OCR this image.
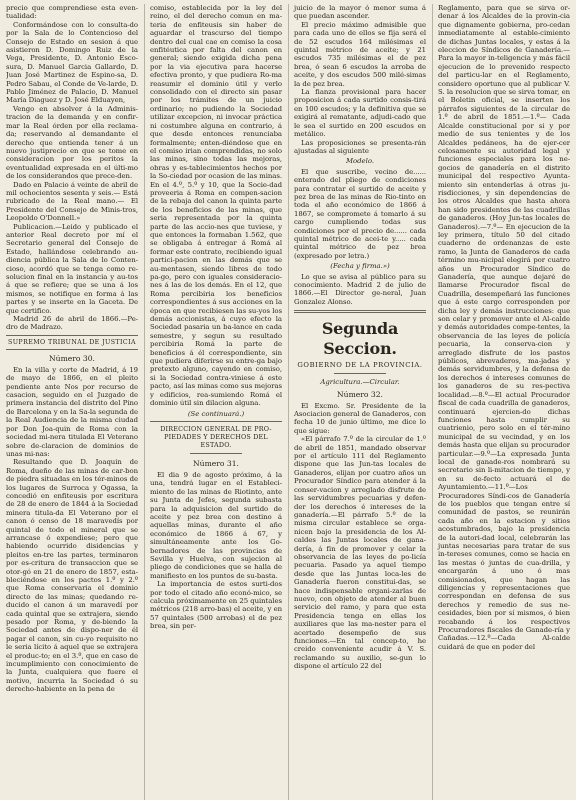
precio que comprendiese esta even-tualidad:

Conformándose con lo consulta-do por la Sala de lo Contencioso del Consejo de Estado en sesion á que asistieron D. Domingo Ruiz de la Vega, Presidente, D. Antonio Esco-sura, D. Manuel Garcia Gallardo, D. Juan José Martinez de Espino-sa, D. Pedro Sabau, el Conde de Ve-larde, D. Pablo Jiménez de Palacio, D. Manuel María Diaguez y D. José Elduayen,

Vengo en absolver á la Adminis-tracion de la demanda y en confir-mar la Real órden por ella reclama-da; reservando al demandante el derecho que entienda tener á un nuevo justiprecio en que se tome en consideracion por los peritos la eventualidad expresada en el últi-mo de los considerandos que prece-den.

Dado en Palacio á veinte de abril de mil ochocientos sesenta y seis.— Está rubricado de la Real mano.— El Presidente del Consejo de Minis-tros, Leopoldo O'Donnell.»

Publicacion.—Leido y publicado el anterior Real decreto por mí el Secretario general del Consejo de Estado, hallándose celebrando au-diencia pública la Sala de lo Conten-cioso, acordó que se tenga como re-solucion final en la instancia y au-tos á que se refiere; que se una á los mismos, se notifique en forma á las partes y se inserte en la Gaceta. De que certifico.

Madrid 26 de abril de 1866.—Pe-dro de Madrazo.

SUPREMO TRIBUNAL DE JUSTICIA
Número 30.

En la villa y corte de Madrid, á 19 de mayo de 1866, en el pleito pendiente ante Nos por recurso de casacion, seguido en el Juzgado de primera instancia del distrito del Pino de Barcelona y en la Sa-la segunda de la Real Audiencia de la misma ciudad por Don Joa-quin de Roma con la sociedad mi-nera titulada El Veterano sobre de-claracion de dominios de unas mi-nas:

Resultando que D. Joaquin de Roma, dueño de las minas de car-bon de piedra situadas en los tér-minos de los lugares de Surroca y Ogassa, la concedió en enfiteusis por escritura de 28 de enero de 1844 á la Sociedad minera titula-da El Veterano por el canon ó censo de 18 maravedís por quintal de todo el mineral que se arrancase ó expendiese; pero que habiendo ocurrido disidencias y pleitos en-tre las partes, terminaron por es-critura de transaccion que se otor-gó en 21 de enero de 1857, esta-bleciéndose en los pactos 1.º y 2.º que Roma conservaria el dominio directo de las minas; quedando re-ducido el canon á un maravedí por cada quintal que se extrajera, siendo pesado por Roma, y de-biendo la Sociedad antes de dispo-ner de él pagar el canon, sin cu-yo requisito no le seria lícito á aquel que se extrajera el produc-to; en el 3.º, que en caso de incumplimiento con conocimiento de la Junta, cualquiera que fuere el motivo, incurria la Sociedad ó su derecho-habiente en la pena de

comiso, establecida por la ley del reino, el del derecho comun en ma-teria de enfiteusis sin haber de aguardar el trascurso del tiempo dentro del cual cae en comiso la cosa enfitéutica por falta del canon en general; siendo exigida dicha pena por la via ejecutiva para hacerse efectiva pronto, y que pudiera Ro-ma reasumir el dominio útil y verlo consolidado con el directo sin pasar por los trámites de un juicio ordinario; no pudiendo la Sociedad utilizar excepcion, ni invocar práctica ni costumbre alguna en contrario, á que desde entonces renunciaba formalmente; enten-diéndose que en el comiso irian comprendidas, no solo las minas, sino todas las mejoras, obras y es-tablecimientos hechos por la So-ciedad por ocasion de las minas. En el 4.º, 5.º y 10, que la Socie-dad proveeria á Roma en compen-sacion de la rebaja del canon la quinta parte de los beneficios de las minas, que seria representada por la quinta parte de las accio-nes que tuviese, y que entonces la formaban 1.562, que se obligaba á entregar á Romá al formar este contrato, recibiendo igual partici-pacion en las demás que se au-mentasen, siendo libres de todo pa-go, pero con iguales consideracio-nes á las de los demás. En el 12, que Roma percibiria los beneficios correspondientes á sus acciones en la época en que recibiesen las su-yos los demás accionistas, á cuyo efecto la Sociedad pasaria un ba-lance en cada semestre, y segun su resultado percibiria Romá la parte de beneficios á él correspondiente, sin que pudiera diferirse su entre-ga bajo pretexto alguno, cayendo en comiso, si la Sociedad contra-viniese á este pacto, así las minas como sus mejoras y edificios, rea-sumiendo Romá el dominio útil sin dilacion alguna.

(Se continuará.)
DIRECCION GENERAL DE PRO-PIEDADES Y DERECHOS DEL ESTADO.
Número 31.

El dia 9 de agosto próximo, á la una, tendrá lugar en el Estableci-miento de las minas de Riotinto, ante su Junta de Jefes, segunda subasta para la adquisicion del surtido de aceite y pez brea con destino á aquellas minas, durante el año económico de 1866 á 67, y simultáneamente ante los Go-bernadores de las provincias de Sevilla y Huelva, con sujecion al pliego de condiciones que se halla de manifiesto en los puntos de su-basta.

La importancia de estos surti-dos por todo el citado año econó-mico, se calcula próximamente en 25 quintales métricos (218 arro-bas) el aceite, y en 57 quintales (500 arrobas) el de pez brea, sin per-

juicio de la mayor ó menor suma á que puedan ascender.

El precio máximo admisible que para cada uno de ellos se fija será el de 52 escudos 164 milésimas el quintal métrico de aceite; y 21 escudos 735 milésimas el de pez brea, ó sean 6 escudos la arroba de aceite, y dos escudos 500 milé-simas la de pez brea.

La fianza provisional para hacer proposicion á cada surtido consis-tirá en 100 escudos; y la definitiva que se exigirá al rematante, adjudi-cado que le sea el surtido en 200 escudos en metálico.

Las proposiciones se presenta-rán ajustadas al siguiente

Modelo.

El que suscribe, vecino de...... enterado del pliego de condiciones para contratar el surtido de aceite y pez brea de las minas de Rio-tinto en toda el año económico de 1866 á 1867, se compromete á tomarlo á su cargo cumpliendo todas sus condiciones por el precio de...... cada quintal métrico de acei-te y..... cada quintal métrico de pez brea (expresado por letra.)

(Fecha y firma.»)

Lo que se avisa al público para su conocimiento. Madrid 2 de julio de 1866.—El Director ge-neral, Juan Gonzalez Alonso.

Segunda Seccion.
GOBIERNO DE LA PROVINCIA.
Agricultura.—Circular.
Número 32.

El Excmo. Sr. Presidente de la Asociacion general de Ganaderos, con fecha 10 de junio último, me dice lo que sigue:

«El párrafo 7.º de la circular de 1.º de abril de 1851, mandado observar por el artículo 111 del Reglamento dispone que las Jun-tas locales de Ganaderos, elijan por cuatro años un Procurador Síndico para atender á la conser-vacion y arreglado disfrute de las servidumbres pecuarias y defen-der los derechos é intereses de la ganadería.—El párrafo 5.º de la misma circular establece se orga-nicen bajo la presidencia de los Al-caldes las Juntas locales de gana-dería, á fin de promover y celar la observancia de las leyes de po-licía pecuaria. Pasado ya aquel tiempo desde que las Juntas loca-les de Ganadería fueron constitui-das, se hace indispensable organi-zarlas de nuevo, con objeto de atender al buen servicio del ramo, y para que esta Presidencia tenga en ellas los auxiliares que las ma-nester para el acertado desempeño de sus funciones.—En tal concep-to, he creido conveniente acudir á V. S. reclamando su auxilio, se-gun lo dispone el artículo 22 del

Reglamento, para que se sirva or-denar á los Alcaldes de la provin-cia que dignamente gobierna, pro-cedan inmediatamente al estable-cimiento de dichas Juntas locales, y estas á la eleccion de Síndicos de Ganadería.—Para la mayor in-teligencia y más fácil ejecucion de lo prevenido respecto del particu-lar en el Reglamento, considero oportuno que al publicar V. S. la resolucion que se sirva tomar, en el Boletin oficial, se inserten los párrafos siguientes de la circular de 1.º de abril de 1851.—1.º— Cada Alcalde constitucional por si y por medio de sus tenientes y de los Alcaldes pedáneos, ha de ejer-cer celosamente su autoridad legal y funciones especiales para los ne-gocios de ganadería en el distrito municipal del respectivo Ayunta-miento sin entenderlas á otras ju-risdicciones, y sin dependencias de los otros Alcaldes que hasta ahora han sido presidentes de las cuadrillas de ganaderos. (Hoy Jun-tas locales de Ganaderos).—7.º— En ejecucion de la ley primera, título 50 del citado cuaderno de ordenanzas de este ramo, la Junta de Ganaderos de cada término mu-nicipal elegirá por cuatro años un Procurador Síndico de Ganadería, que aunque dejaré de llamarse Procurador fiscal de Cuadrilla, desempeñará las funciones que á este cargo corresponden por dicha ley y demás instrucciones: que son celar y promover ante el Al-calde y demás autoridades compe-tentes, la observancia de las leyes de policía pecuaria, la conserva-cion y arreglado disfrute de los pastos públicos, abrevaderos, ma-jadas y demás servidumbres, y la defensa de los derechos é intereses comunes de los ganaderos de su res-pectiva localidad.—8.º—El actual Procurador fiscal de cada cuadrilla de ganaderos, continuará ejercien-do dichas funciones hasta cumplir su cuatrienio, pero solo en el tér-mino municipal de su vecindad, y en los demás hasta que elijan su procurador particular.—9.º—La expresada Junta local de ganade-ros nombrará su secretario sin li-mitacion de tiempo, y en su de-fecto actuará el de Ayuntamiento.—11.º—Los Procuradores Síndi-cos de Ganadería de los pueblos que tengan entre sí comunidad de pastos, se reunirán cada año en la estacion y sitios acostumbrados, bajo la presidencia de la autori-dad local, celebrarán las juntas necesarias para tratar de sus in-tereses comunes, como se hacia en las mestas ó juntas de cua-drilla, y encargarán á uno ó mas comisionados, que hagan las diligencias y representaciones que correspondan en defensa de sus derechos y remedio de sus ne-cesidades, bien por sí mismos, ó bien recabando á los respectivos Procuradores fiscales de Ganade-ría y Cañadas.—12.º—Cada Al-calde cuidará de que en poder del
